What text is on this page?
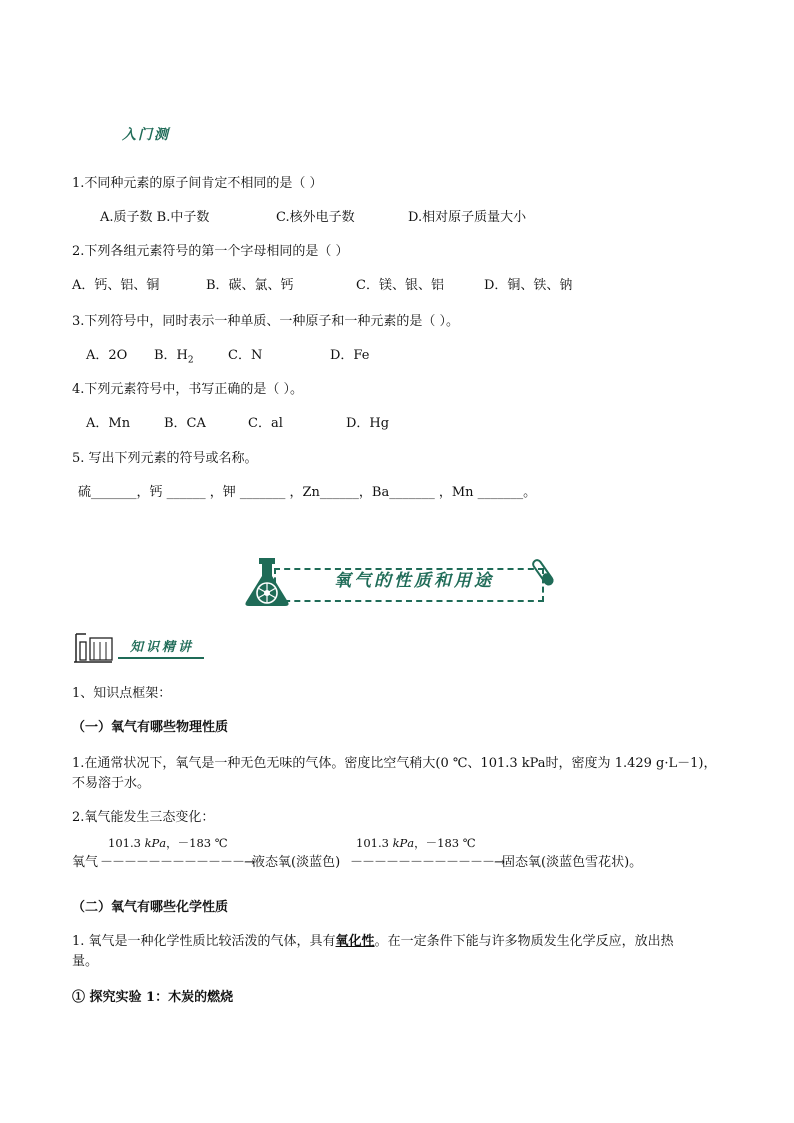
入门测
1.不同种元素的原子间肯定不相同的是（ ）
A.质子数 B.中子数	C.核外电子数	D.相对原子质量大小
2.下列各组元素符号的第一个字母相同的是（ ）
A．钙、铝、铜	B．碳、氯、钙	C．镁、银、铝	D．铜、铁、钠
3.下列符号中，同时表示一种单质、一种原子和一种元素的是（ ）。
A．2O B．$H_2$	C．N	D．Fe
4.下列元素符号中，书写正确的是（ ）。
A．Mn	B．CA	C．al	D．Hg
5. 写出下列元素的符号或名称。
硫_______，钙 ______ ，钾 _______ ，Zn______，Ba_______ ，Mn _______。
氧气的性质和用途
知识精讲
1、知识点框架：
（一）氧气有哪些物理性质
1.在通常状况下，氧气是一种无色无味的气体。密度比空气稍大(0 ℃、101.3 kPa时，密度为 1.429 g·L－1)，
不易溶于水。
2.氧气能发生三态变化：
101.3 𝑘𝑃𝑎，－183 ℃	101.3 𝑘𝑃𝑎，－183 ℃
氧气 －－－－－－－－－－－－→
液态氧(淡蓝色) －－－－－－－－－－－－→
固态氧(淡蓝色雪花状)。
（二）氧气有哪些化学性质
1. 氧气是一种化学性质比较活泼的气体，具有氧化性。在一定条件下能与许多物质发生化学反应，放出热
量。
① 探究实验 1：木炭的燃烧
